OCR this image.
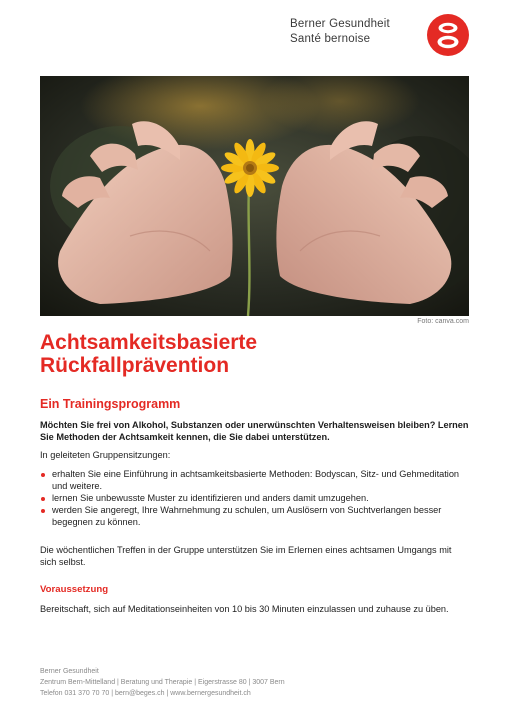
Berner Gesundheit
Santé bernoise
Foto: canva.com
Achtsamkeitsbasierte
Rückfallprävention
Ein Trainingsprogramm

Möchten Sie frei von Alkohol, Substanzen oder unerwünschten Verhaltensweisen bleiben? Lernen Sie Methoden der Achtsamkeit kennen, die Sie dabei unterstützen.

In geleiteten Gruppensitzungen:

erhalten Sie eine Einführung in achtsamkeitsbasierte Methoden: Bodyscan, Sitz- und Gehmeditation und weitere.
lernen Sie unbewusste Muster zu identifizieren und anders damit umzugehen.
werden Sie angeregt, Ihre Wahrnehmung zu schulen, um Auslösern von Suchtverlangen besser begegnen zu können.

Die wöchentlichen Treffen in der Gruppe unterstützen Sie im Erlernen eines achtsamen Umgangs mit sich selbst.

Voraussetzung

Bereitschaft, sich auf Meditationseinheiten von 10 bis 30 Minuten einzulassen und zuhause zu üben.

Berner Gesundheit
Zentrum Bern-Mittelland | Beratung und Therapie | Eigerstrasse 80 | 3007 Bern
Telefon 031 370 70 70 | bern@beges.ch | www.bernergesundheit.ch
